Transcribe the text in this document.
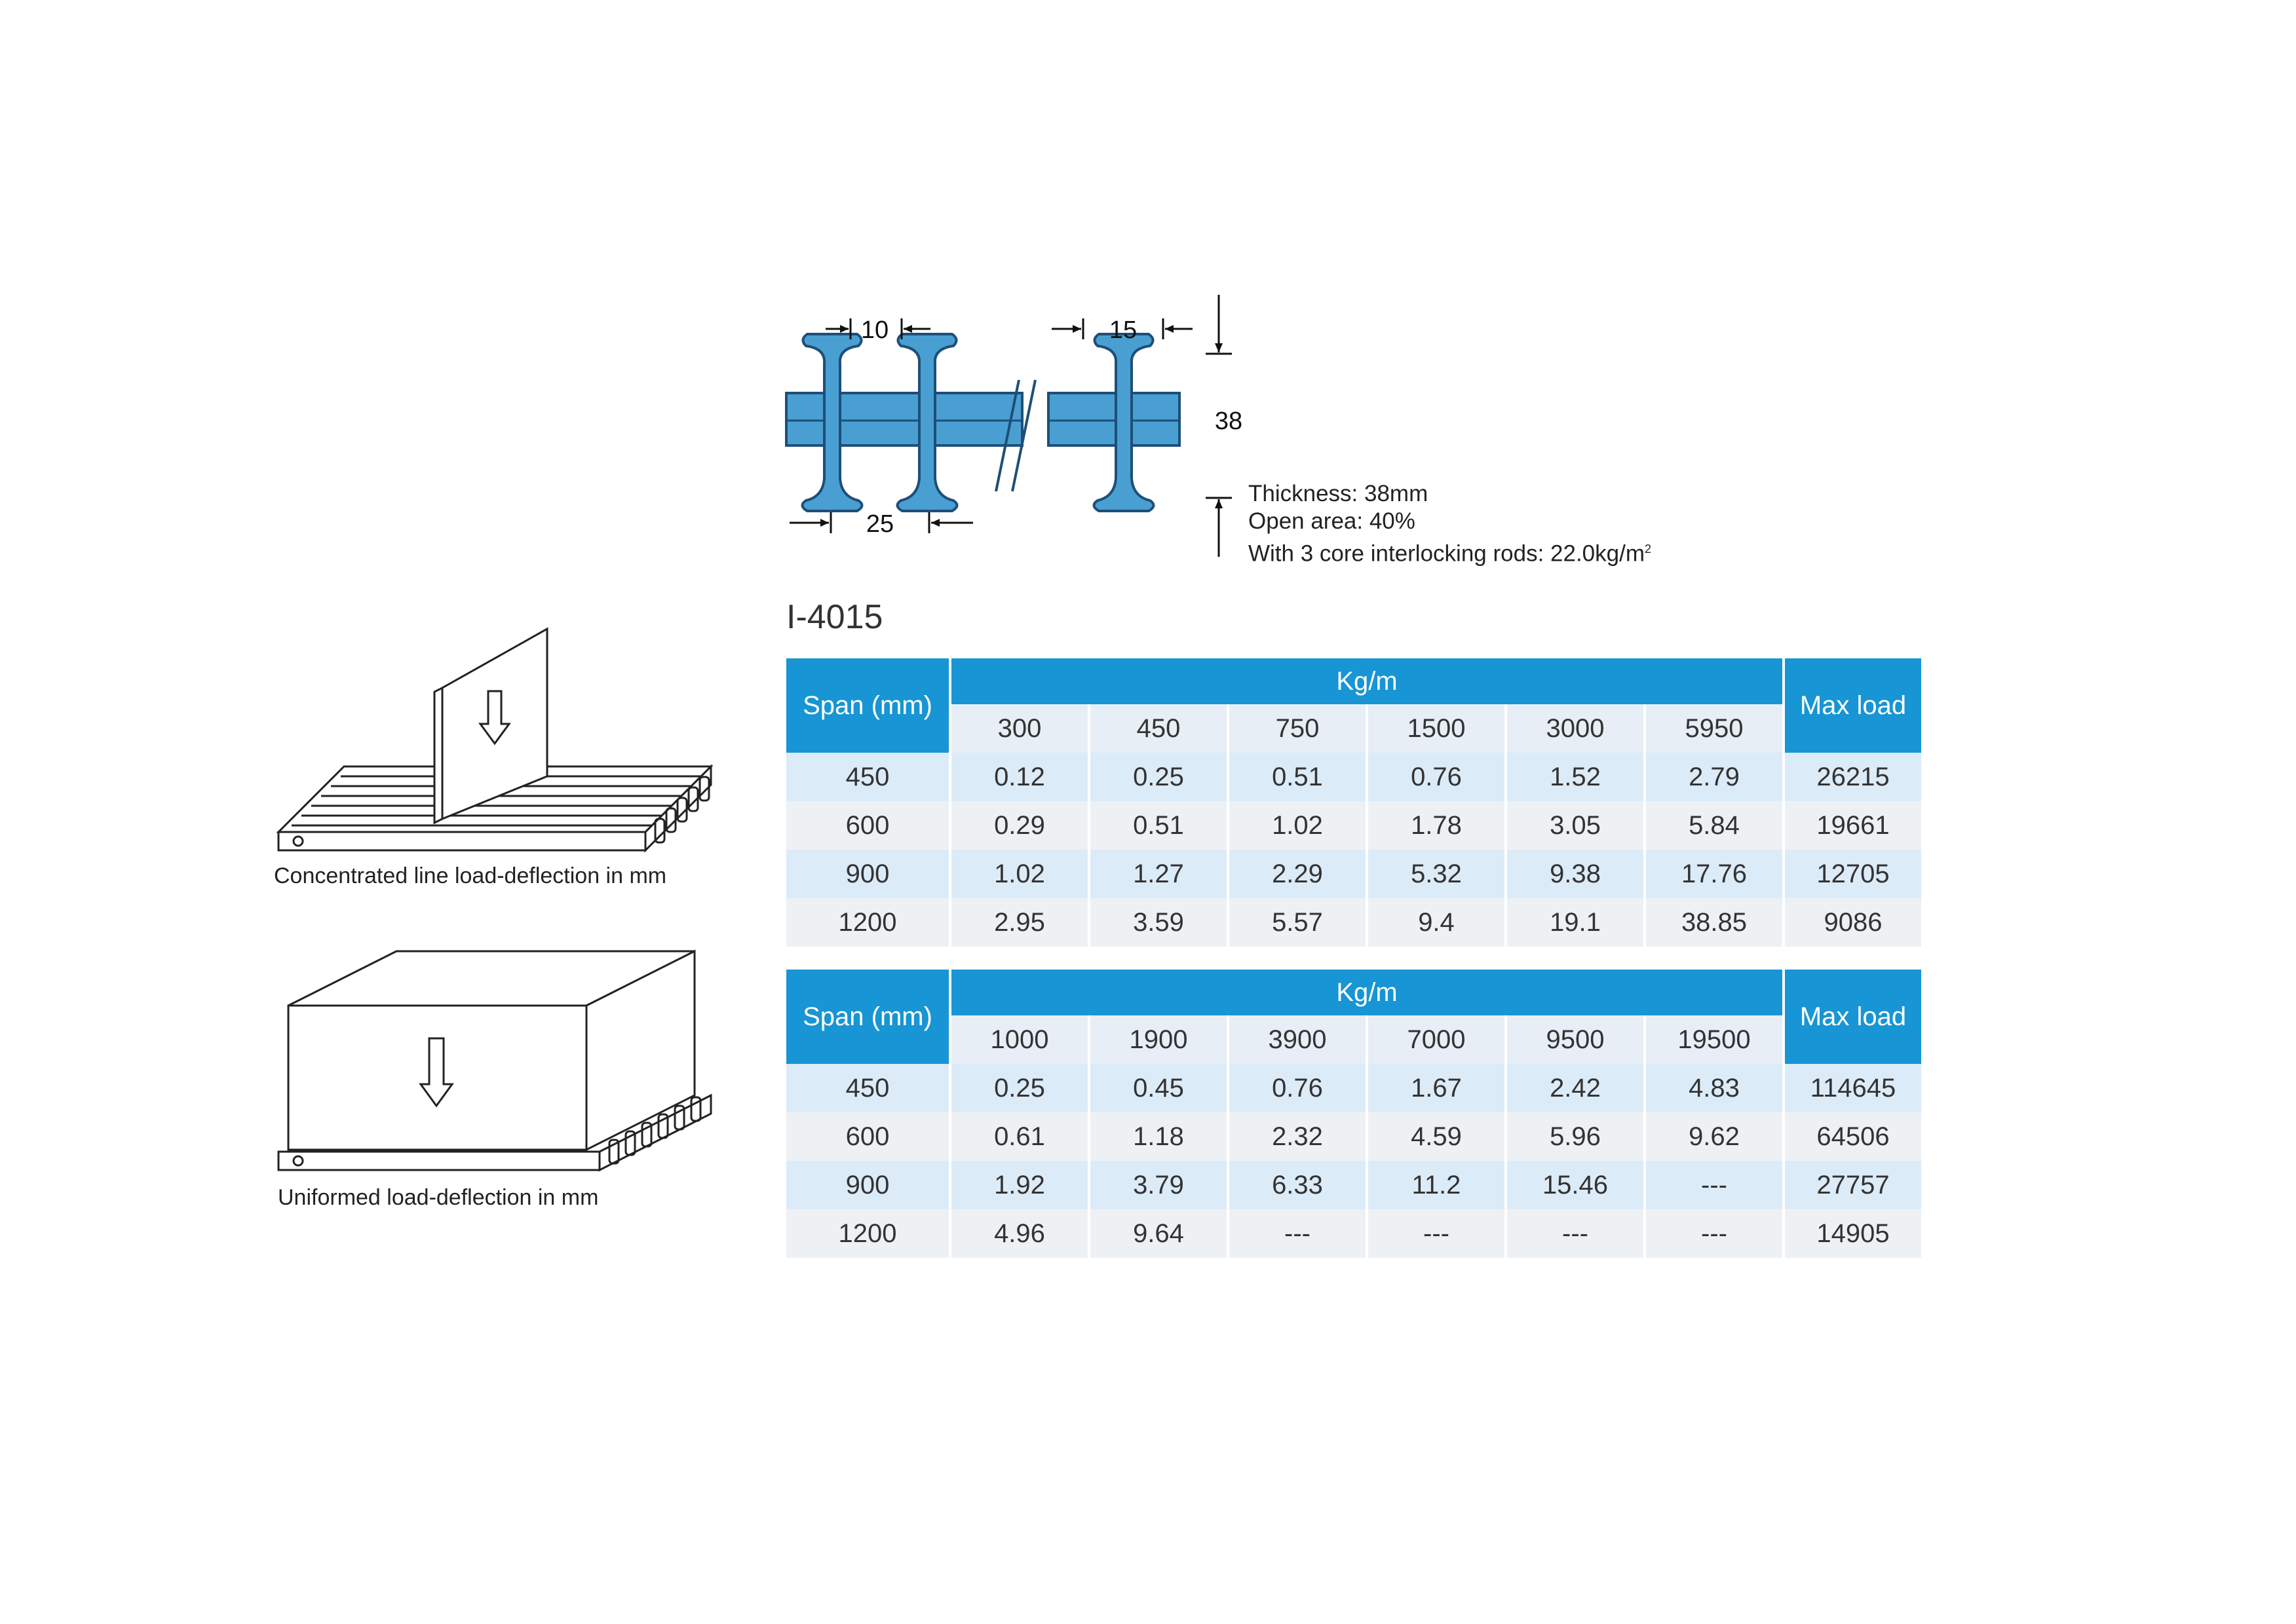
10	15
38
25
Thickness: 38mm
Open area: 40%
With 3 core interlocking rods: $22.0kg/m^2$
I-4015
Concentrated line load-deflection in mm
Uniformed load-deflection in mm
Span (mm)	Kg/m						Max load
	300	450	750	1500	3000	5950	
450	0.12	0.25	0.51	0.76	1.52	2.79	26215
600	0.29	0.51	1.02	1.78	3.05	5.84	19661
900	1.02	1.27	2.29	5.32	9.38	17.76	12705
1200	2.95	3.59	5.57	9.4	19.1	38.85	9086
Span (mm)	Kg/m						Max load
	1000	1900	3900	7000	9500	19500	
450	0.25	0.45	0.76	1.67	2.42	4.83	114645
600	0.61	1.18	2.32	4.59	5.96	9.62	64506
900	1.92	3.79	6.33	11.2	15.46	---	27757
1200	4.96	9.64	---	---	---	---	14905
